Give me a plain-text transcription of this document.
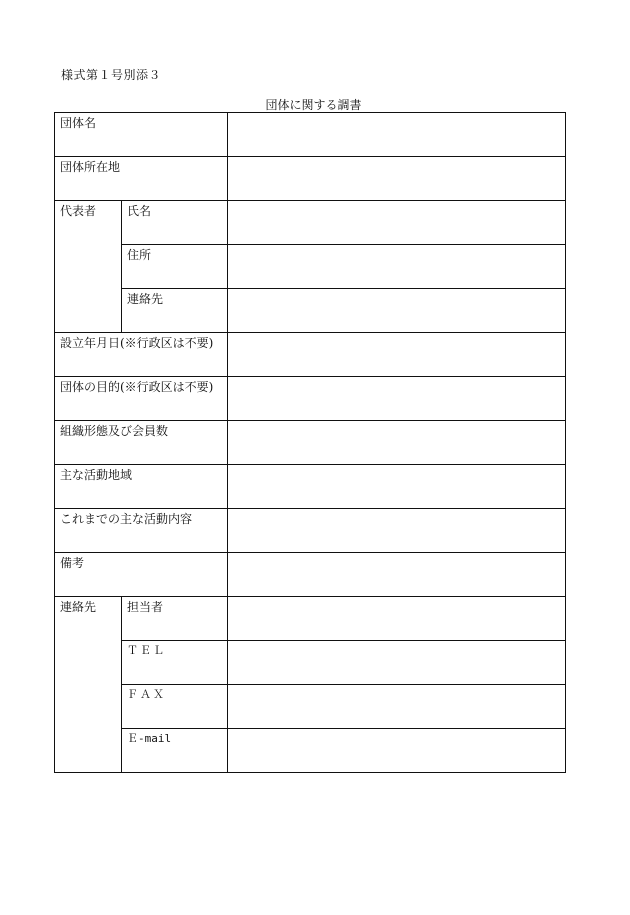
様式第１号別添３
団体に関する調書
団体名		
団体所在地		
代表者	氏名	
	住所	
	連絡先	
設立年月日(※行政区は不要)		
団体の目的(※行政区は不要)		
組織形態及び会員数		
主な活動地域		
これまでの主な活動内容		
備考		
連絡先	担当者	
	ＴＥＬ	
	ＦＡＸ	
	Ｅ-mail	
